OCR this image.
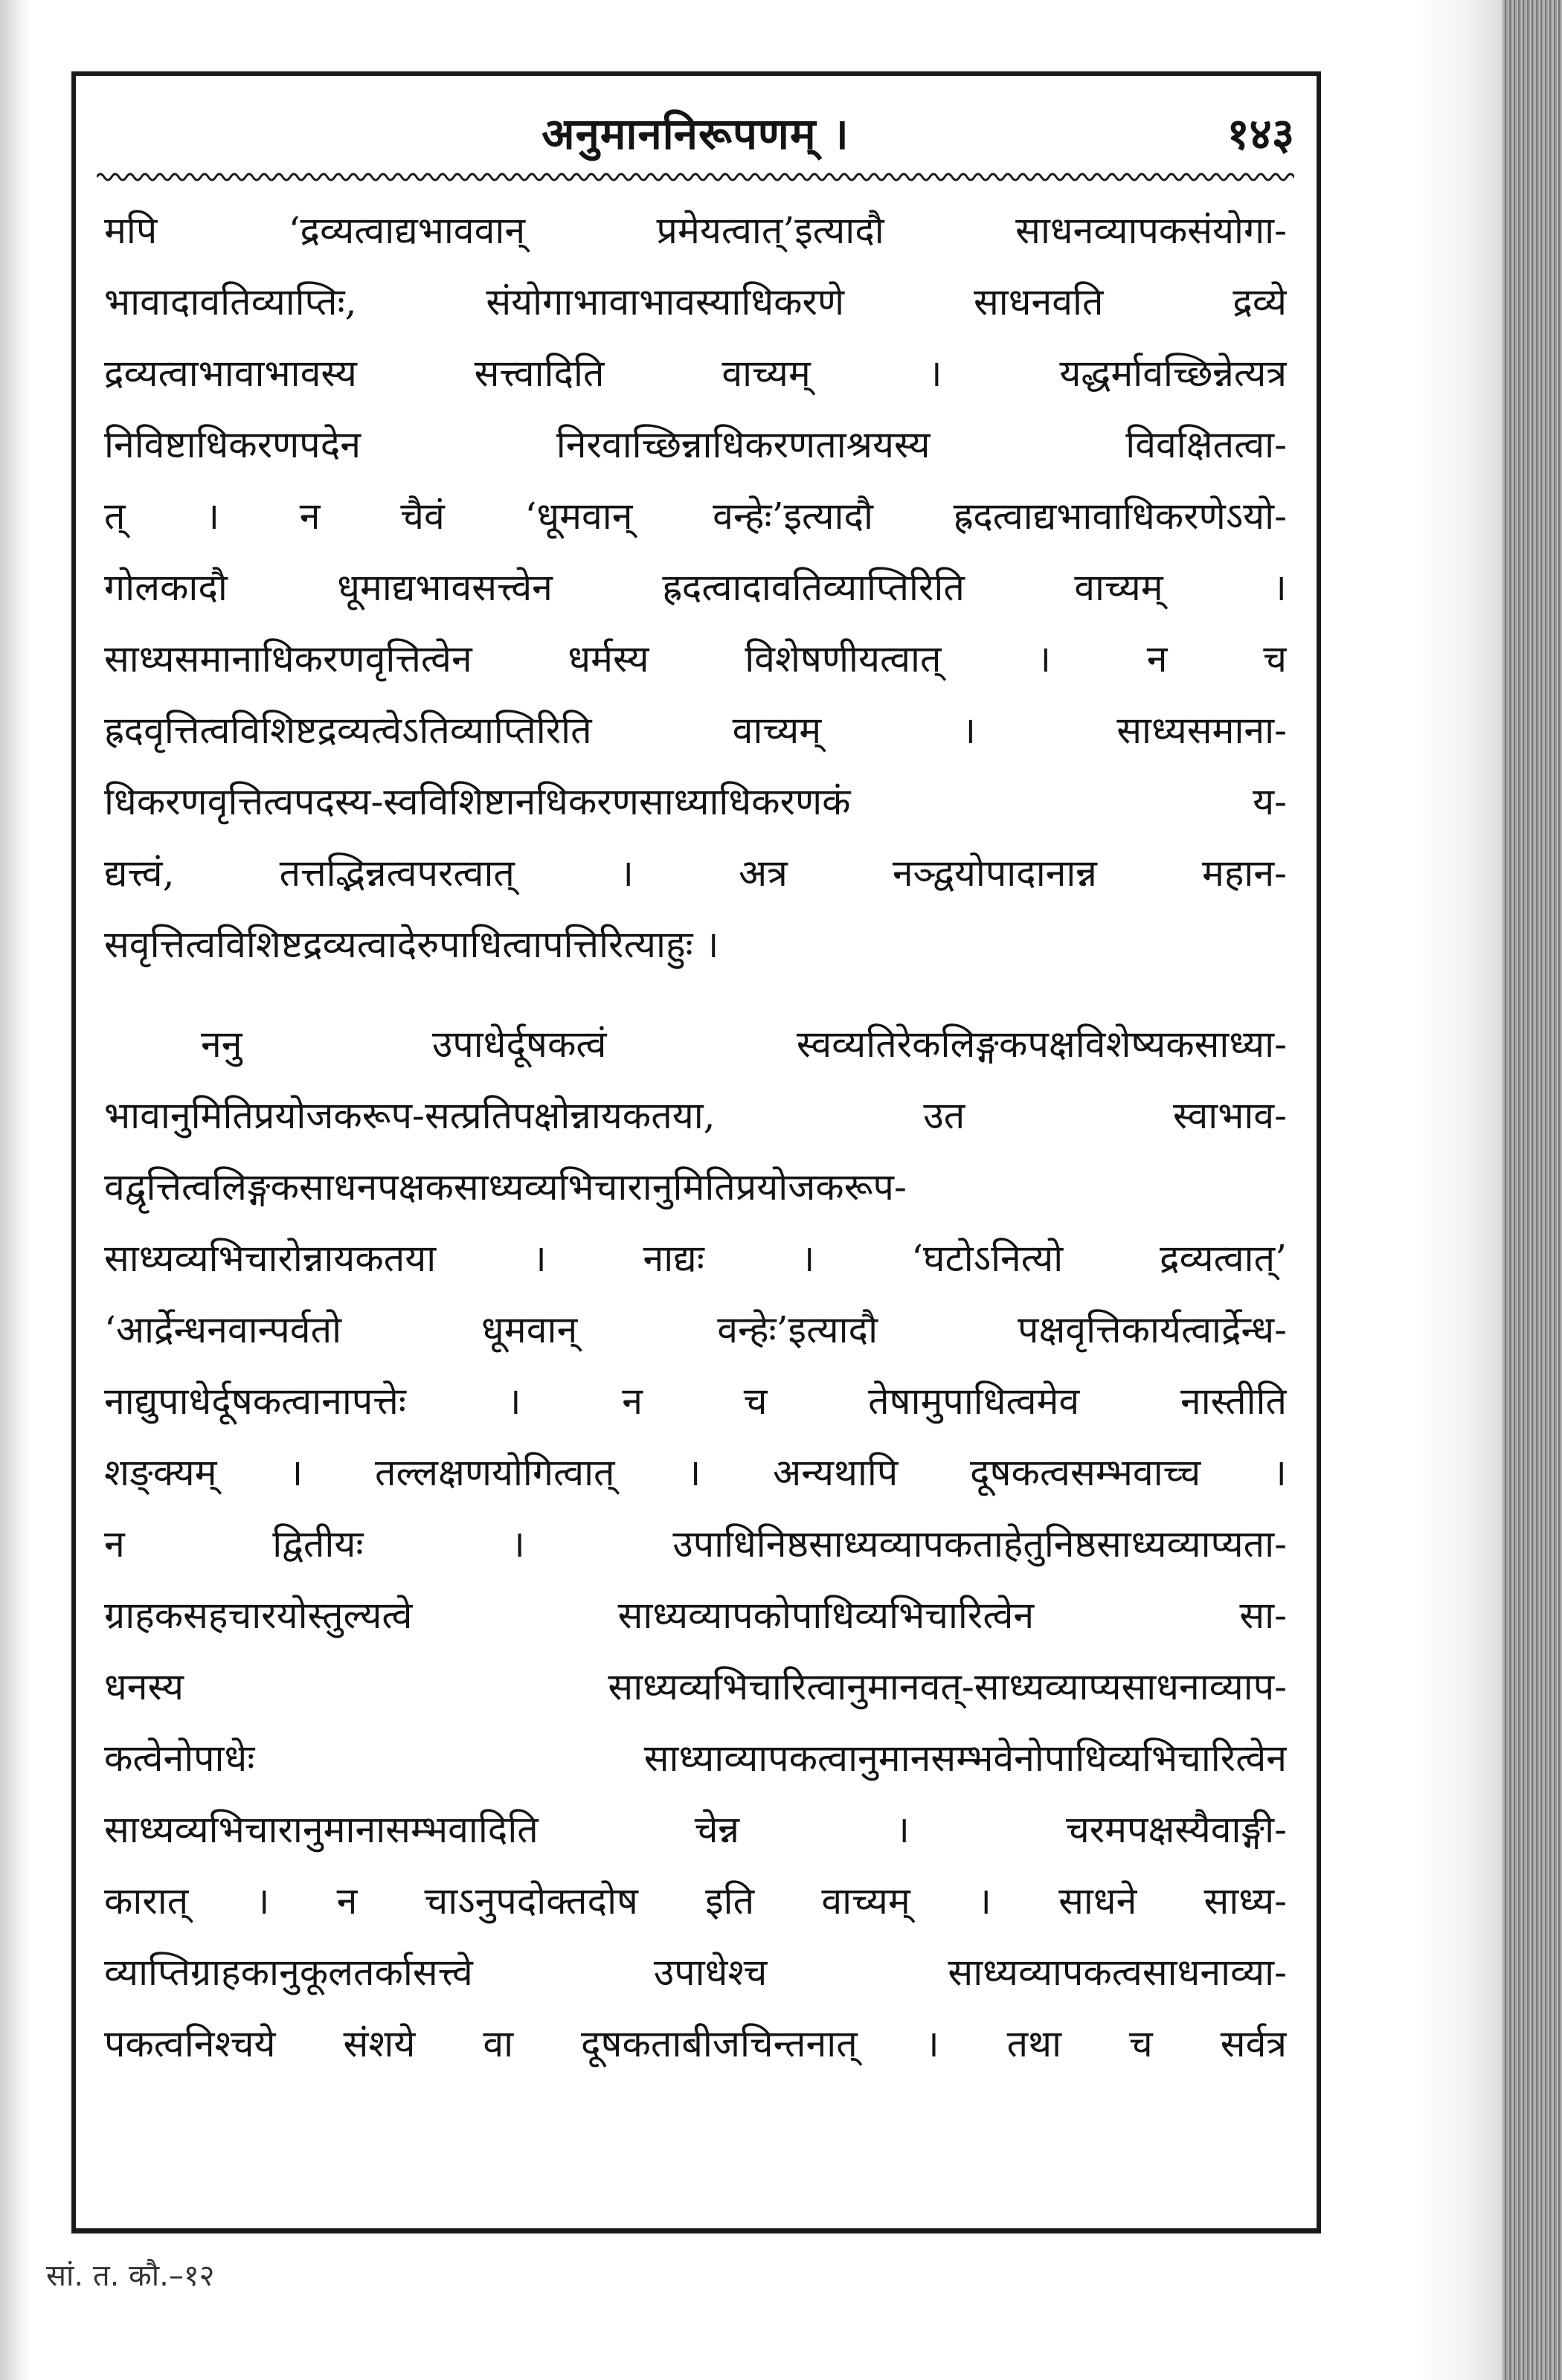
अनुमाननिरूपणम् ।	१४३
मपि ‘द्रव्यत्वाद्यभाववान् प्रमेयत्वात्’इत्यादौ साधनव्यापकसंयोगा-
भावादावतिव्याप्तिः, संयोगाभावाभावस्याधिकरणे साधनवति द्रव्ये
द्रव्यत्वाभावाभावस्य सत्त्वादिति वाच्यम् । यद्धर्मावच्छिन्नेत्यत्र
निविष्टाधिकरणपदेन निरवाच्छिन्नाधिकरणताश्रयस्य विवक्षितत्वा-
त् । न चैवं ‘धूमवान् वन्हेः’इत्यादौ ह्रदत्वाद्यभावाधिकरणेऽयो-
गोलकादौ धूमाद्यभावसत्त्वेन ह्रदत्वादावतिव्याप्तिरिति वाच्यम् ।
साध्यसमानाधिकरणवृत्तित्वेन धर्मस्य विशेषणीयत्वात् । न च
ह्रदवृत्तित्वविशिष्टद्रव्यत्वेऽतिव्याप्तिरिति वाच्यम् । साध्यसमाना-
धिकरणवृत्तित्वपदस्य-स्वविशिष्टानधिकरणसाध्याधिकरणकं य-
द्यत्त्वं, तत्तद्भिन्नत्वपरत्वात् । अत्र नञ्द्वयोपादानान्न महान-
सवृत्तित्वविशिष्टद्रव्यत्वादेरुपाधित्वापत्तिरित्याहुः ।
ननु उपाधेर्दूषकत्वं स्वव्यतिरेकलिङ्गकपक्षविशेष्यकसाध्या-
भावानुमितिप्रयोजकरूप-सत्प्रतिपक्षोन्नायकतया, उत स्वाभाव-
वद्वृत्तित्वलिङ्गकसाधनपक्षकसाध्यव्यभिचारानुमितिप्रयोजकरूप-
साध्यव्यभिचारोन्नायकतया । नाद्यः । ‘घटोऽनित्यो द्रव्यत्वात्’
‘आर्द्रेन्धनवान्पर्वतो धूमवान् वन्हेः’इत्यादौ पक्षवृत्तिकार्यत्वार्द्रेन्ध-
नाद्युपाधेर्दूषकत्वानापत्तेः । न च तेषामुपाधित्वमेव नास्तीति
शङ्क्यम् । तल्लक्षणयोगित्वात् । अन्यथापि दूषकत्वसम्भवाच्च ।
न द्वितीयः । उपाधिनिष्ठसाध्यव्यापकताहेतुनिष्ठसाध्यव्याप्यता-
ग्राहकसहचारयोस्तुल्यत्वे साध्यव्यापकोपाधिव्यभिचारित्वेन सा-
धनस्य साध्यव्यभिचारित्वानुमानवत्-साध्यव्याप्यसाधनाव्याप-
कत्वेनोपाधेः साध्याव्यापकत्वानुमानसम्भवेनोपाधिव्यभिचारित्वेन
साध्यव्यभिचारानुमानासम्भवादिति चेन्न । चरमपक्षस्यैवाङ्गी-
कारात् । न चाऽनुपदोक्तदोष इति वाच्यम् । साधने साध्य-
व्याप्तिग्राहकानुकूलतर्कासत्त्वे उपाधेश्च साध्यव्यापकत्वसाधनाव्या-
पकत्वनिश्चये संशये वा दूषकताबीजचिन्तनात् । तथा च सर्वत्र
सां. त. कौ.–१२
